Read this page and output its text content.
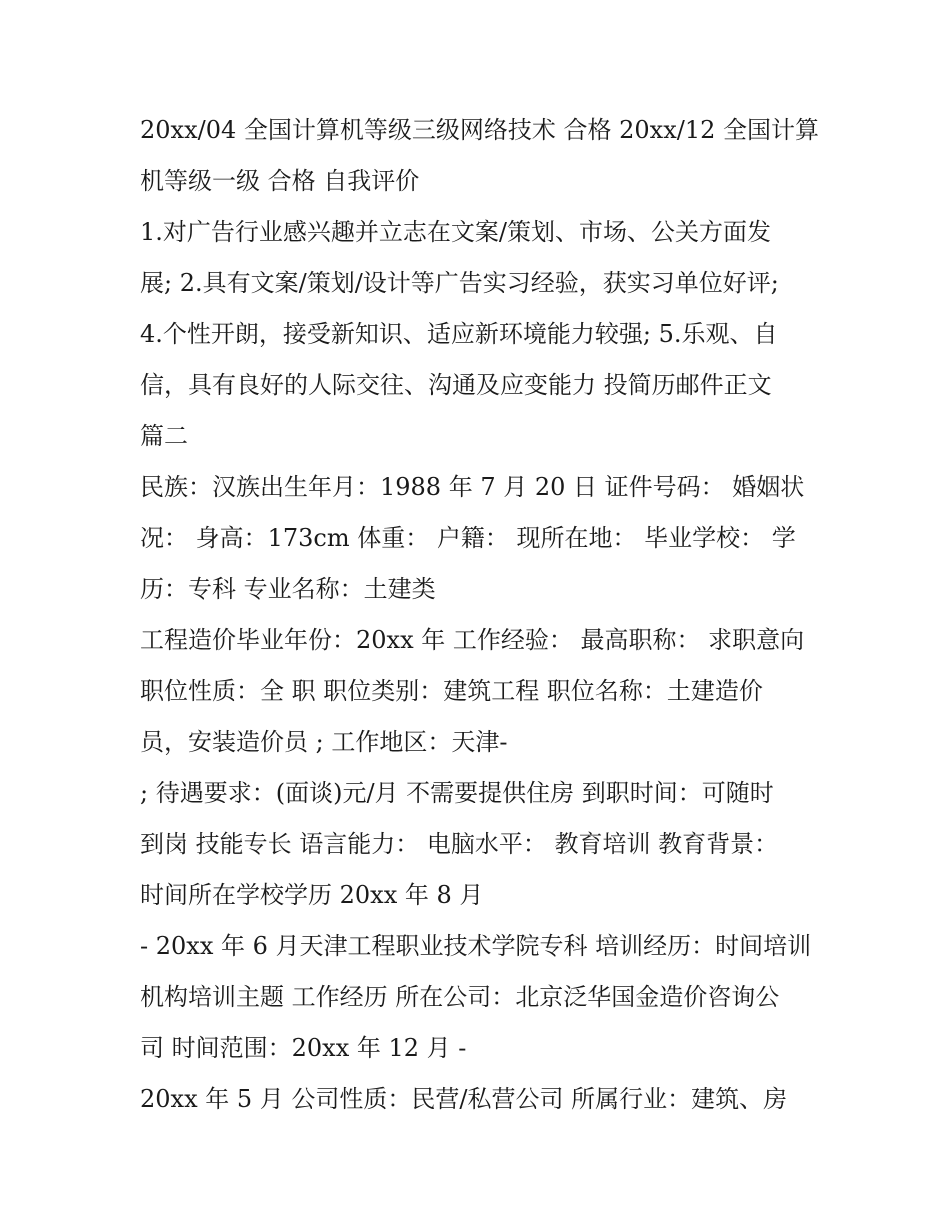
20xx/04 全国计算机等级三级网络技术 合格 20xx/12 全国计算
机等级一级 合格 自我评价
1.对广告行业感兴趣并立志在文案/策划、市场、公关方面发
展; 2.具有文案/策划/设计等广告实习经验，获实习单位好评;
4.个性开朗，接受新知识、适应新环境能力较强; 5.乐观、自
信，具有良好的人际交往、沟通及应变能力 投简历邮件正文
篇二
民族：汉族出生年月：1988 年 7 月 20 日 证件号码： 婚姻状
况： 身高：173cm 体重： 户籍： 现所在地： 毕业学校： 学
历：专科 专业名称：土建类
工程造价毕业年份：20xx 年 工作经验： 最高职称： 求职意向
职位性质：全 职 职位类别：建筑工程 职位名称：土建造价
员，安装造价员 ; 工作地区：天津-
; 待遇要求：(面谈)元/月 不需要提供住房 到职时间：可随时
到岗 技能专长 语言能力： 电脑水平： 教育培训 教育背景：
时间所在学校学历 20xx 年 8 月
- 20xx 年 6 月天津工程职业技术学院专科 培训经历：时间培训
机构培训主题 工作经历 所在公司：北京泛华国金造价咨询公
司 时间范围：20xx 年 12 月 -
20xx 年 5 月 公司性质：民营/私营公司 所属行业：建筑、房
